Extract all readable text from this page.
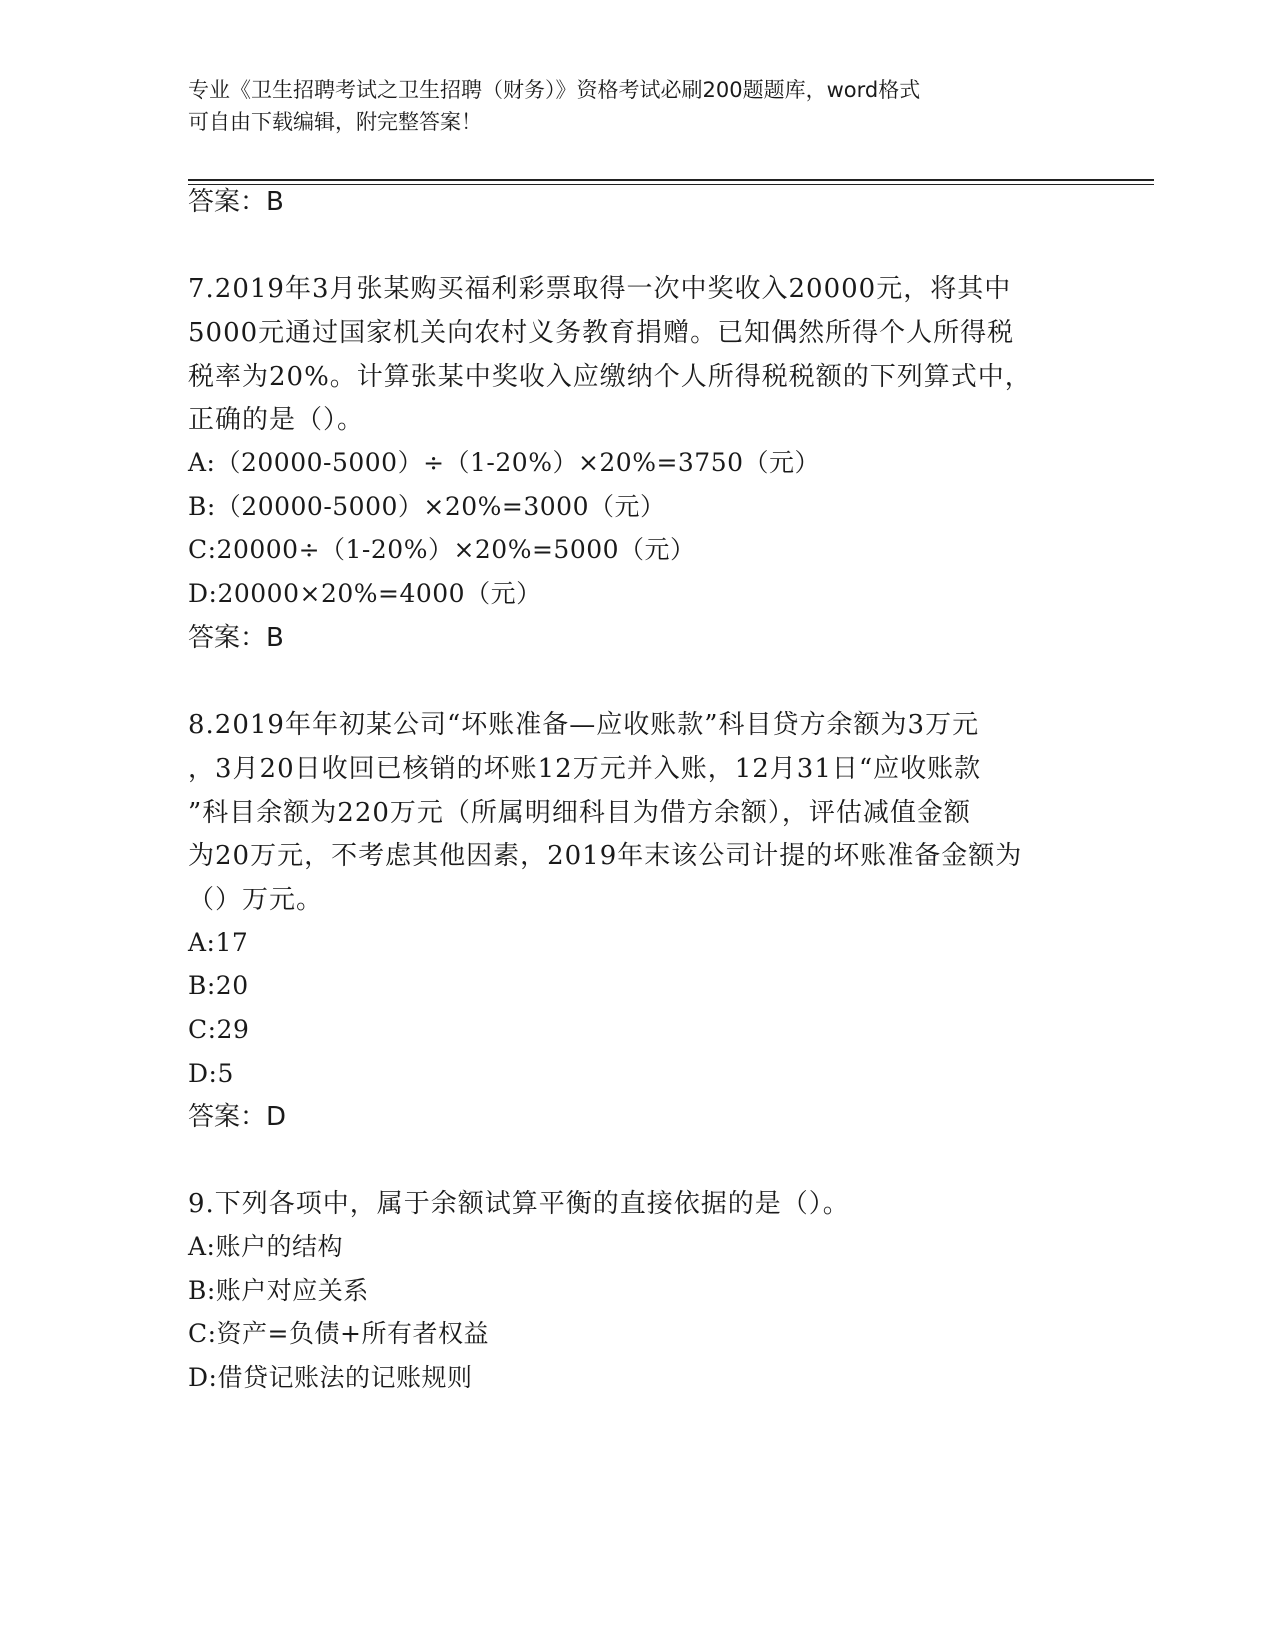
专业《卫生招聘考试之卫生招聘（财务）》资格考试必刷200题题库，word格式
可自由下载编辑，附完整答案！
答案：B
7.2019年3月张某购买福利彩票取得一次中奖收入20000元，将其中
5000元通过国家机关向农村义务教育捐赠。已知偶然所得个人所得税
税率为20%。计算张某中奖收入应缴纳个人所得税税额的下列算式中，
正确的是（）。
A:（20000-5000）÷（1-20%）×20%=3750（元）
B:（20000-5000）×20%=3000（元）
C:20000÷（1-20%）×20%=5000（元）
D:20000×20%=4000（元）
答案：B
8.2019年年初某公司“坏账准备—应收账款”科目贷方余额为3万元
，3月20日收回已核销的坏账12万元并入账，12月31日“应收账款
”科目余额为220万元（所属明细科目为借方余额），评估减值金额
为20万元，不考虑其他因素，2019年末该公司计提的坏账准备金额为
（）万元。
A:17
B:20
C:29
D:5
答案：D
9.下列各项中，属于余额试算平衡的直接依据的是（）。
A:账户的结构
B:账户对应关系
C:资产=负债+所有者权益
D:借贷记账法的记账规则
